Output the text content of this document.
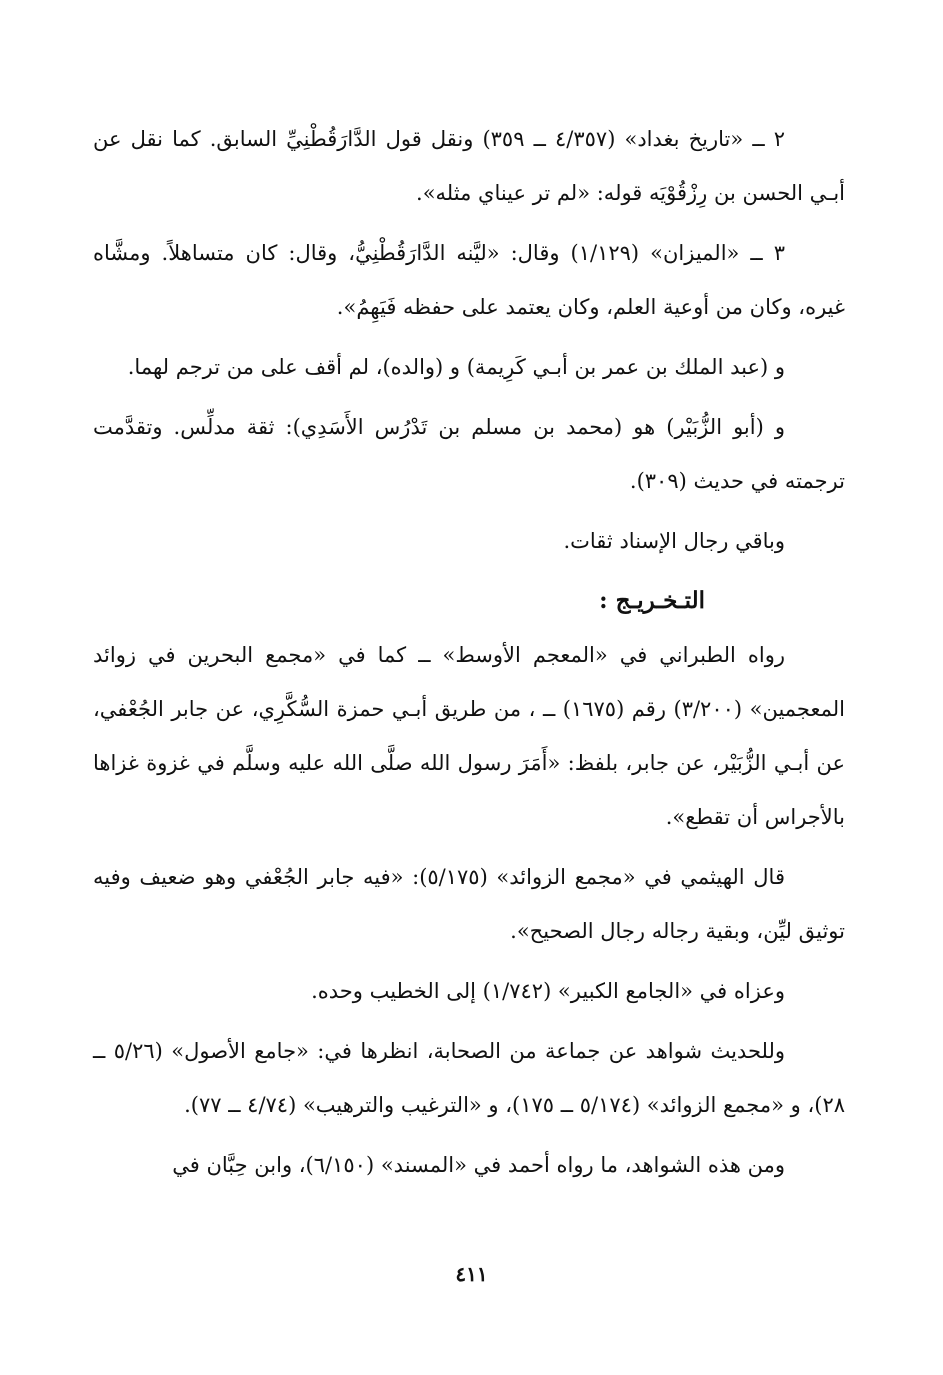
٢ ــ «تاريخ بغداد» (٤/٣٥٧ ــ ٣٥٩) ونقل قول الدَّارَقُطْنِيِّ السابق. كما نقل عن أبـي الحسن بن رِزْقُوْيَه قوله: «لم تر عيناي مثله».

٣ ــ «الميزان» (١/١٢٩) وقال: «ليَّنه الدَّارَقُطْنِيُّ، وقال: كان متساهلاً. ومشَّاه غيره، وكان من أوعية العلم، وكان يعتمد على حفظه فَيَهِمُ».

و (عبد الملك بن عمر بن أبـي كَرِيمة) و (والده)، لم أقف على من ترجم لهما.

و (أبو الزُّبَيْر) هو (محمد بن مسلم بن تَدْرُس الأَسَدِي): ثقة مدلِّس. وتقدَّمت ترجمته في حديث (٣٠٩).

وباقي رجال الإسناد ثقات.

التـخـريـج :

رواه الطبراني في «المعجم الأوسط» ــ كما في «مجمع البحرين في زوائد المعجمين» (٣/٢٠٠) رقم (١٦٧٥) ــ ، من طريق أبـي حمزة السُّكَّرِي، عن جابر الجُعْفي، عن أبـي الزُّبَيْر، عن جابر، بلفظ: «أَمَرَ رسول الله صلَّى الله عليه وسلَّم في غزوة غزاها بالأجراس أن تقطع».

قال الهيثمي في «مجمع الزوائد» (٥/١٧٥): «فيه جابر الجُعْفي وهو ضعيف وفيه توثيق ليِّن، وبقية رجاله رجال الصحيح».

وعزاه في «الجامع الكبير» (١/٧٤٢) إلى الخطيب وحده.

وللحديث شواهد عن جماعة من الصحابة، انظرها في: «جامع الأصول» (٥/٢٦ ــ ٢٨)، و «مجمع الزوائد» (٥/١٧٤ ــ ١٧٥)، و «الترغيب والترهيب» (٤/٧٤ ــ ٧٧).

ومن هذه الشواهد، ما رواه أحمد في «المسند» (٦/١٥٠)، وابن حِبَّان في

٤١١
